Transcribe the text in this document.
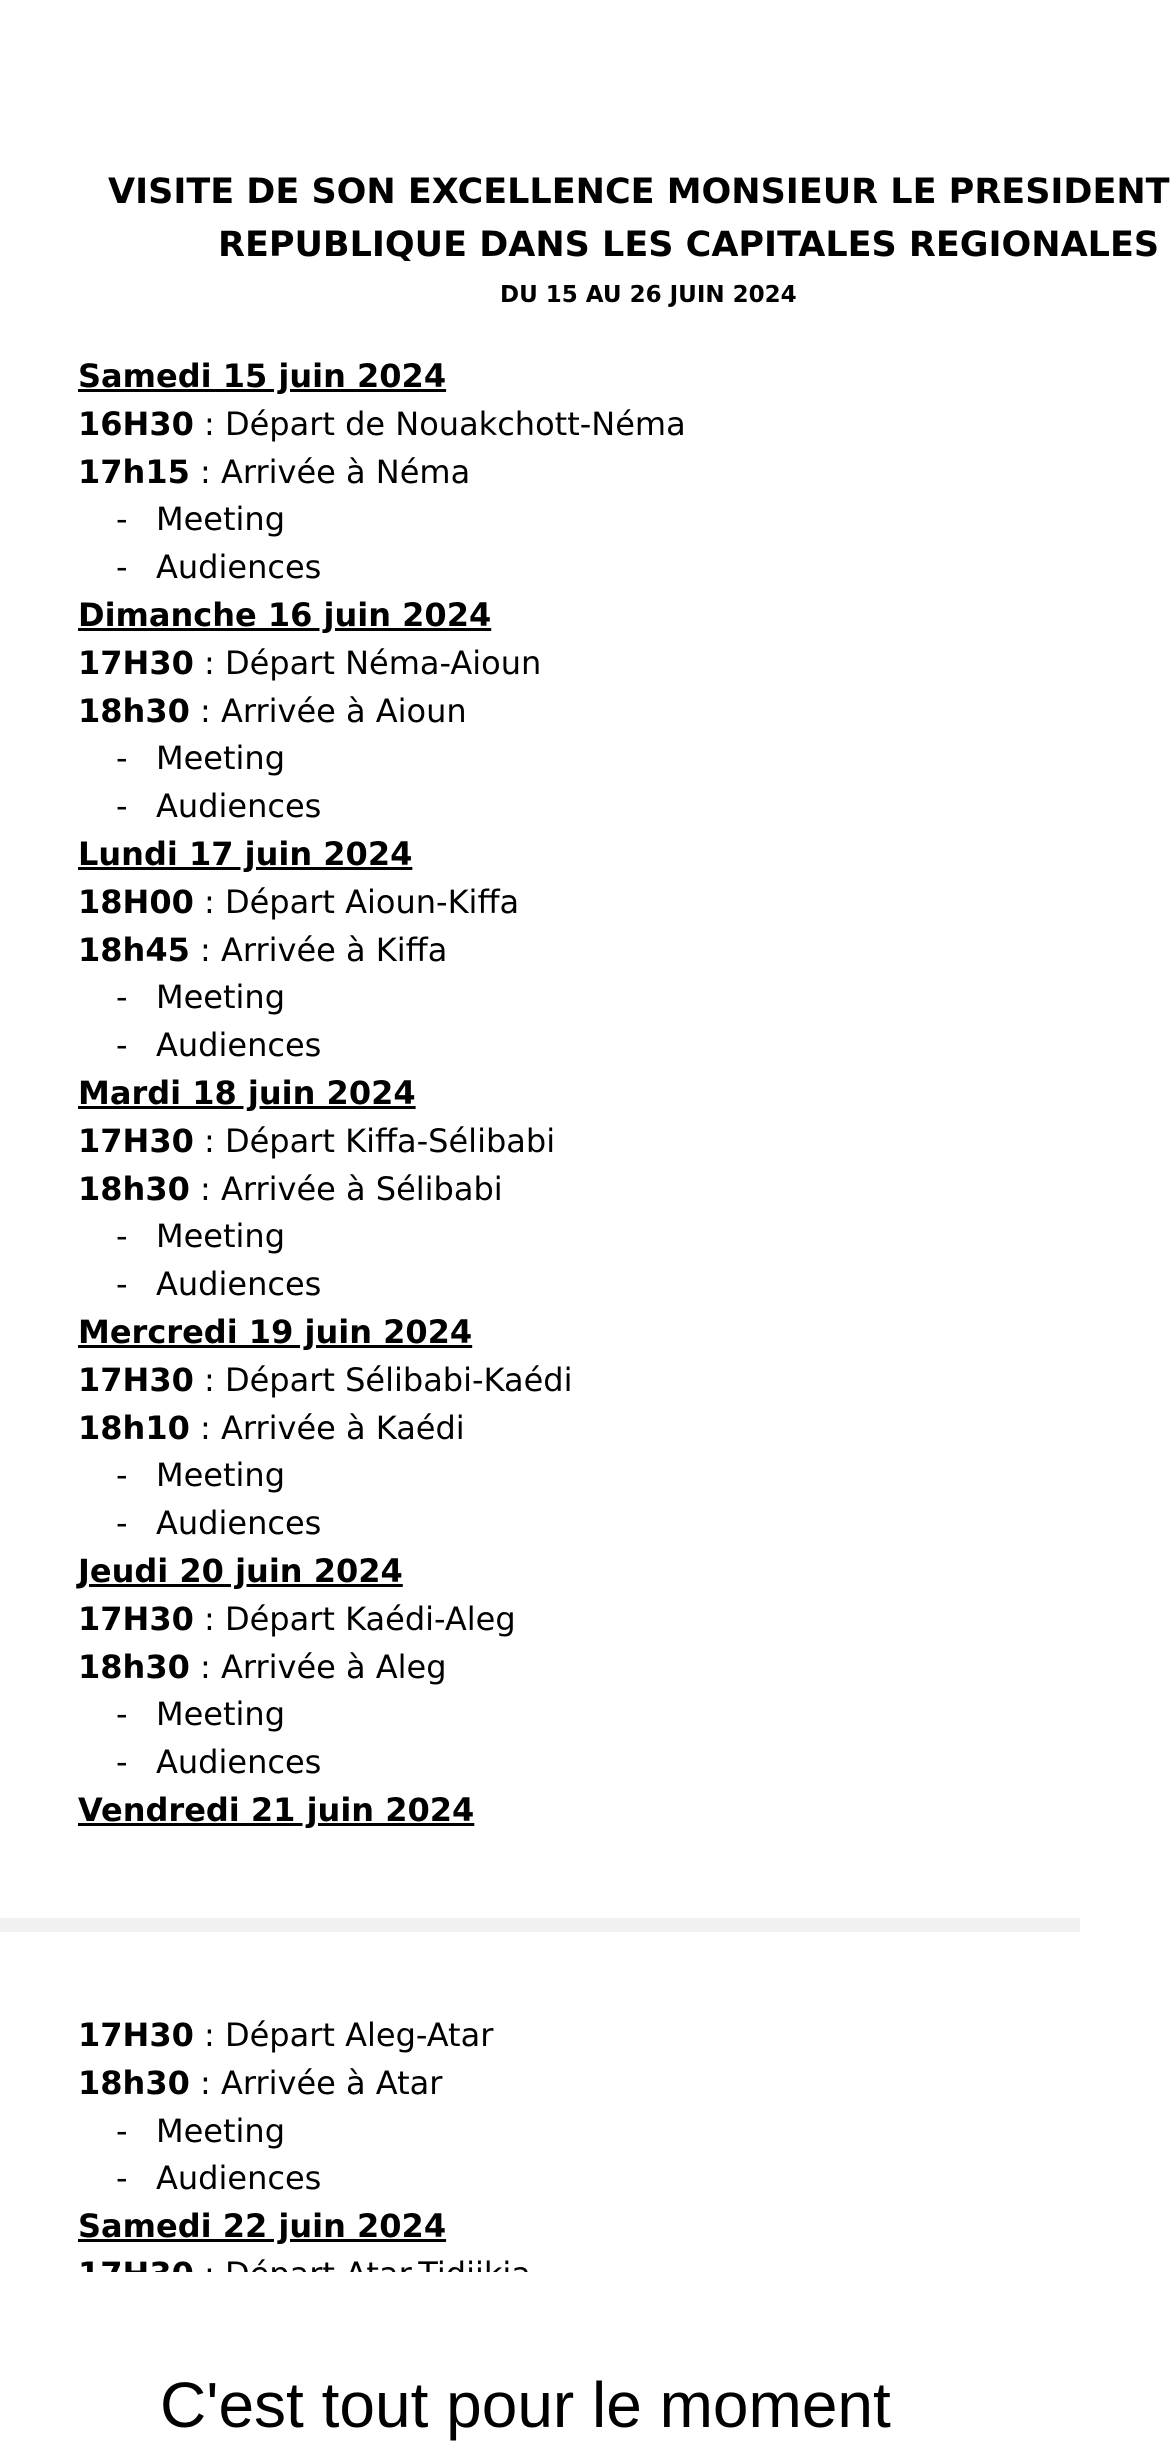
VISITE DE SON EXCELLENCE MONSIEUR LE PRESIDENT
REPUBLIQUE DANS LES CAPITALES REGIONALES
DU 15 AU 26 JUIN 2024
Samedi 15 juin 2024
16H30 : Départ de Nouakchott-Néma
17h15 : Arrivée à Néma
- Meeting
- Audiences
Dimanche 16 juin 2024
17H30 : Départ Néma-Aioun
18h30 : Arrivée à Aioun
- Meeting
- Audiences
Lundi 17 juin 2024
18H00 : Départ Aioun-Kiffa
18h45 : Arrivée à Kiffa
- Meeting
- Audiences
Mardi 18 juin 2024
17H30 : Départ Kiffa-Sélibabi
18h30 : Arrivée à Sélibabi
- Meeting
- Audiences
Mercredi 19 juin 2024
17H30 : Départ Sélibabi-Kaédi
18h10 : Arrivée à Kaédi
- Meeting
- Audiences
Jeudi 20 juin 2024
17H30 : Départ Kaédi-Aleg
18h30 : Arrivée à Aleg
- Meeting
- Audiences
Vendredi 21 juin 2024
17H30 : Départ Aleg-Atar
18h30 : Arrivée à Atar
- Meeting
- Audiences
Samedi 22 juin 2024
C'est tout pour le moment
